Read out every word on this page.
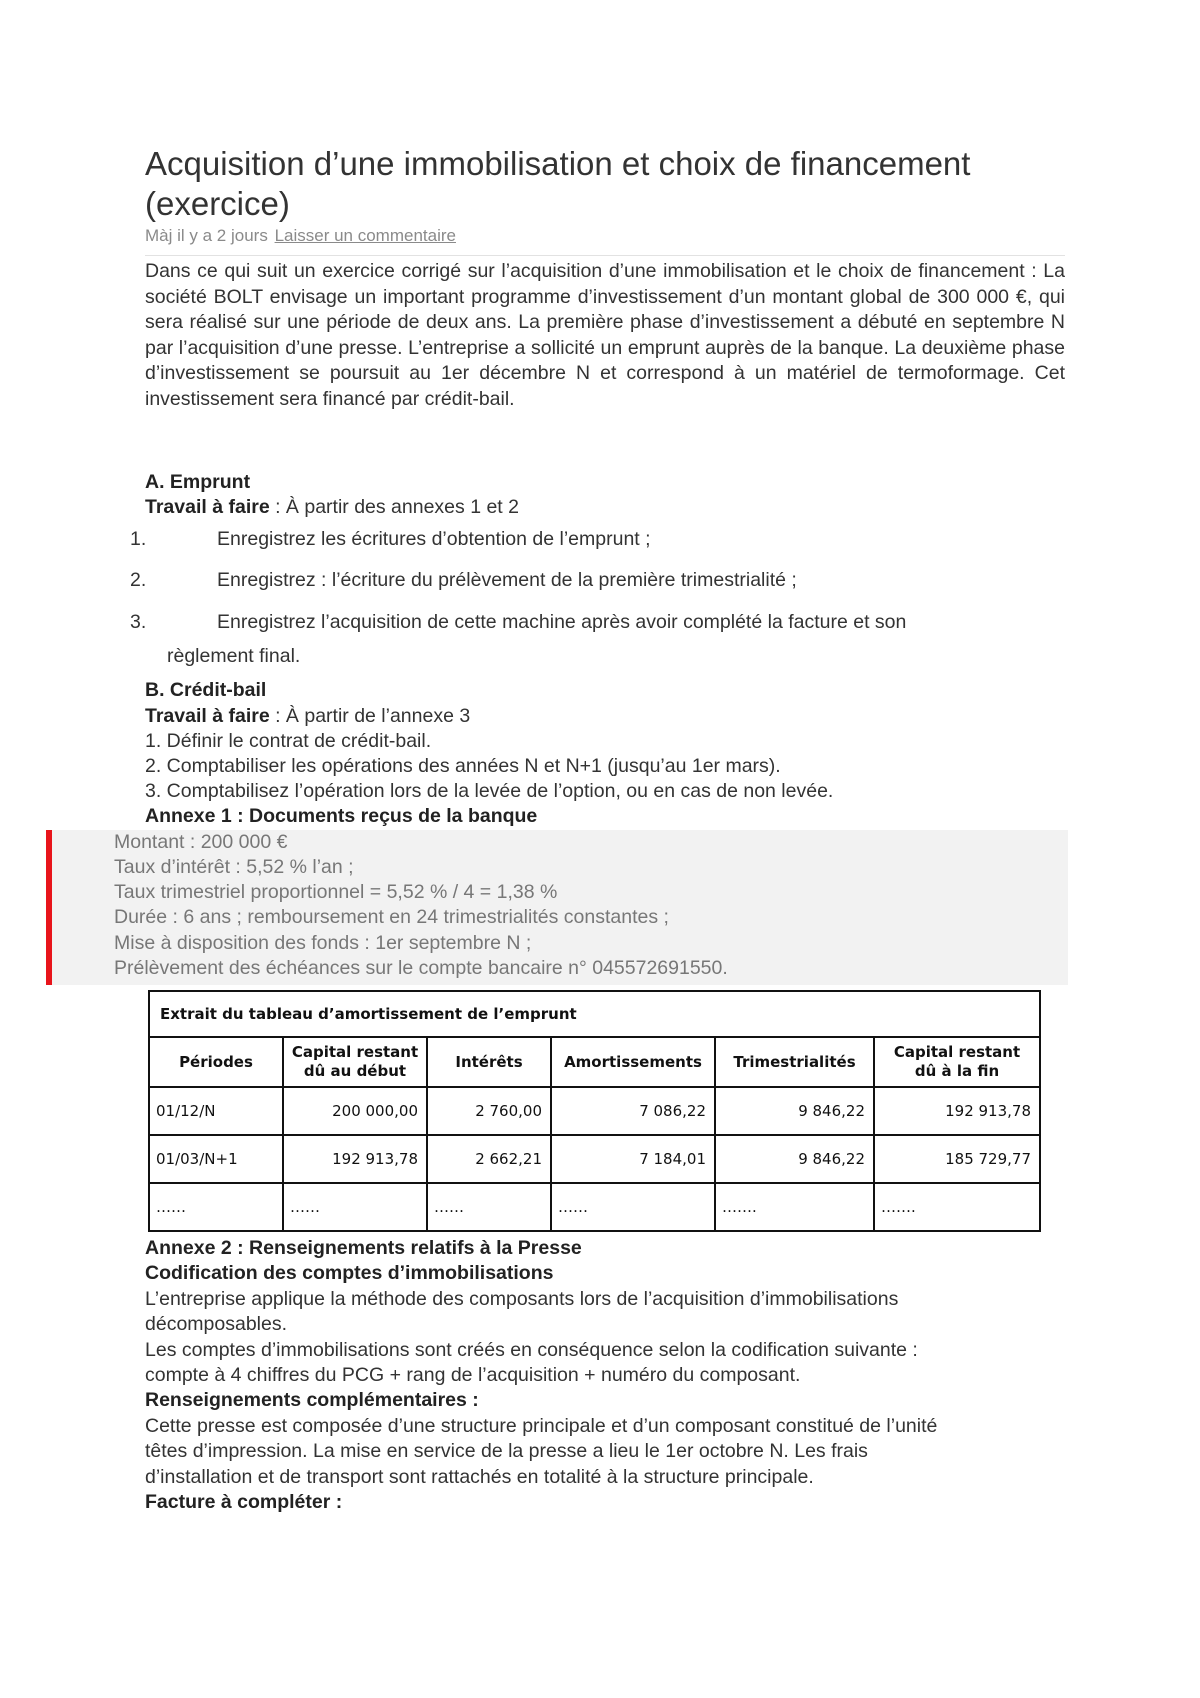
Acquisition d’une immobilisation et choix de financement (exercice)
Màj il y a 2 jours Laisser un commentaire

Dans ce qui suit un exercice corrigé sur l’acquisition d’une immobilisation et le choix de financement : La société BOLT envisage un important programme d’investissement d’un montant global de 300 000 €, qui sera réalisé sur une période de deux ans. La première phase d’investissement a débuté en septembre N par l’acquisition d’une presse. L’entreprise a sollicité un emprunt auprès de la banque. La deuxième phase d’investissement se poursuit au 1er décembre N et correspond à un matériel de termoformage. Cet investissement sera financé par crédit-bail.

A. Emprunt
Travail à faire : À partir des annexes 1 et 2
1.	Enregistrez les écritures d’obtention de l’emprunt ;
2.	Enregistrez : l’écriture du prélèvement de la première trimestrialité ;
3.	Enregistrez l’acquisition de cette machine après avoir complété la facture et son
règlement final.
B. Crédit-bail
Travail à faire : À partir de l’annexe 3
1. Définir le contrat de crédit-bail.
2. Comptabiliser les opérations des années N et N+1 (jusqu’au 1er mars).
3. Comptabilisez l’opération lors de la levée de l’option, ou en cas de non levée.
Annexe 1 : Documents reçus de la banque
Montant : 200 000 €
Taux d’intérêt : 5,52 % l’an ;
Taux trimestriel proportionnel = 5,52 % / 4 = 1,38 %
Durée : 6 ans ; remboursement en 24 trimestrialités constantes ;
Mise à disposition des fonds : 1er septembre N ;
Prélèvement des échéances sur le compte bancaire n° 045572691550.
Extrait du tableau d’amortissement de l’emprunt					
Périodes	Capital restant dû au début	Intérêts	Amortissements	Trimestrialités	Capital restant dû à la fin
01/12/N	200 000,00	2 760,00	7 086,22	9 846,22	192 913,78
01/03/N+1	192 913,78	2 662,21	7 184,01	9 846,22	185 729,77
……	……	……	……	…….	…….
Annexe 2 : Renseignements relatifs à la Presse
Codification des comptes d’immobilisations
L’entreprise applique la méthode des composants lors de l’acquisition d’immobilisations
décomposables.
Les comptes d’immobilisations sont créés en conséquence selon la codification suivante :
compte à 4 chiffres du PCG + rang de l’acquisition + numéro du composant.
Renseignements complémentaires :
Cette presse est composée d’une structure principale et d’un composant constitué de l’unité
têtes d’impression. La mise en service de la presse a lieu le 1er octobre N. Les frais
d’installation et de transport sont rattachés en totalité à la structure principale.
Facture à compléter :
